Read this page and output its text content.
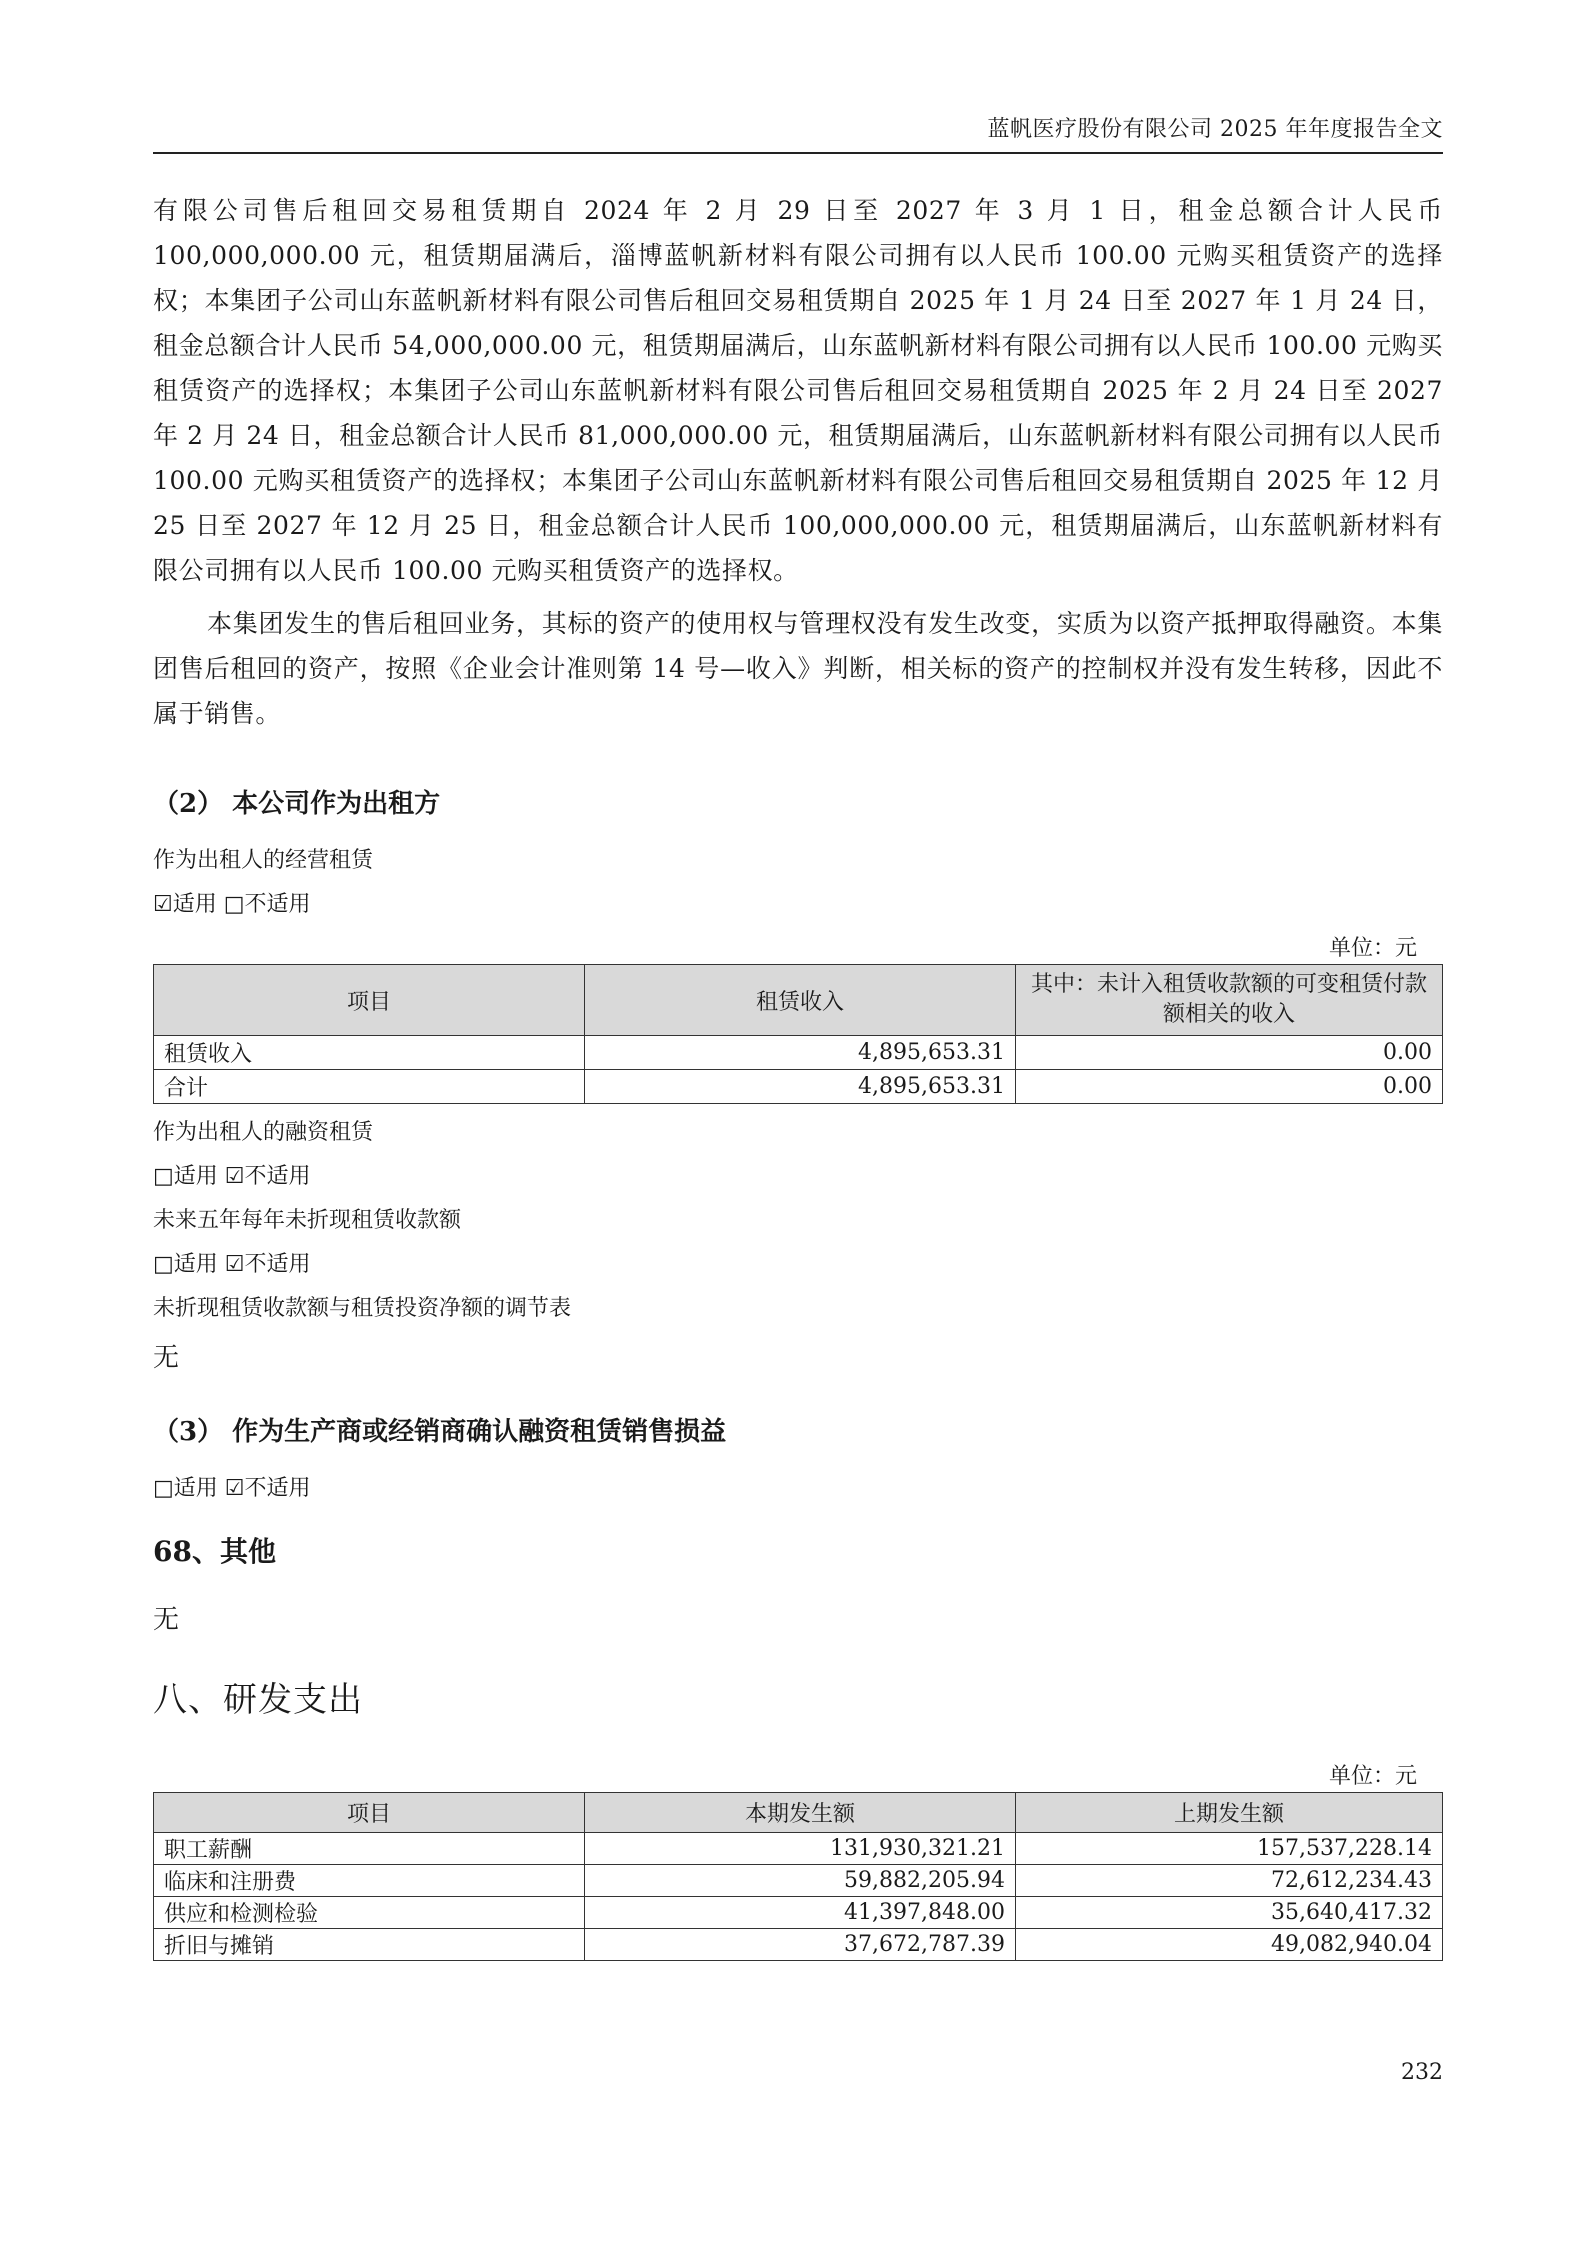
蓝帆医疗股份有限公司 2025 年年度报告全文

有限公司售后租回交易租赁期自 2024 年 2 月 29 日至 2027 年 3 月 1 日，租金总额合计人民币 100,000,000.00 元，租赁期届满后，淄博蓝帆新材料有限公司拥有以人民币 100.00 元购买租赁资产的选择权；本集团子公司山东蓝帆新材料有限公司售后租回交易租赁期自 2025 年 1 月 24 日至 2027 年 1 月 24 日，租金总额合计人民币 54,000,000.00 元，租赁期届满后，山东蓝帆新材料有限公司拥有以人民币 100.00 元购买租赁资产的选择权；本集团子公司山东蓝帆新材料有限公司售后租回交易租赁期自 2025 年 2 月 24 日至 2027 年 2 月 24 日，租金总额合计人民币 81,000,000.00 元，租赁期届满后，山东蓝帆新材料有限公司拥有以人民币 100.00 元购买租赁资产的选择权；本集团子公司山东蓝帆新材料有限公司售后租回交易租赁期自 2025 年 12 月 25 日至 2027 年 12 月 25 日，租金总额合计人民币 100,000,000.00 元，租赁期届满后，山东蓝帆新材料有限公司拥有以人民币 100.00 元购买租赁资产的选择权。

本集团发生的售后租回业务，其标的资产的使用权与管理权没有发生改变，实质为以资产抵押取得融资。本集团售后租回的资产，按照《企业会计准则第 14 号—收入》判断，相关标的资产的控制权并没有发生转移，因此不属于销售。

（2） 本公司作为出租方

作为出租人的经营租赁

☑适用 □不适用

单位：元
项目	租赁收入	其中：未计入租赁收款额的可变租赁付款额相关的收入
租赁收入	4,895,653.31	0.00
合计	4,895,653.31	0.00

作为出租人的融资租赁

□适用 ☑不适用

未来五年每年未折现租赁收款额

□适用 ☑不适用

未折现租赁收款额与租赁投资净额的调节表

无

（3） 作为生产商或经销商确认融资租赁销售损益

□适用 ☑不适用

68、其他

无

八、研发支出

单位：元
项目	本期发生额	上期发生额
职工薪酬	131,930,321.21	157,537,228.14
临床和注册费	59,882,205.94	72,612,234.43
供应和检测检验	41,397,848.00	35,640,417.32
折旧与摊销	37,672,787.39	49,082,940.04
232
